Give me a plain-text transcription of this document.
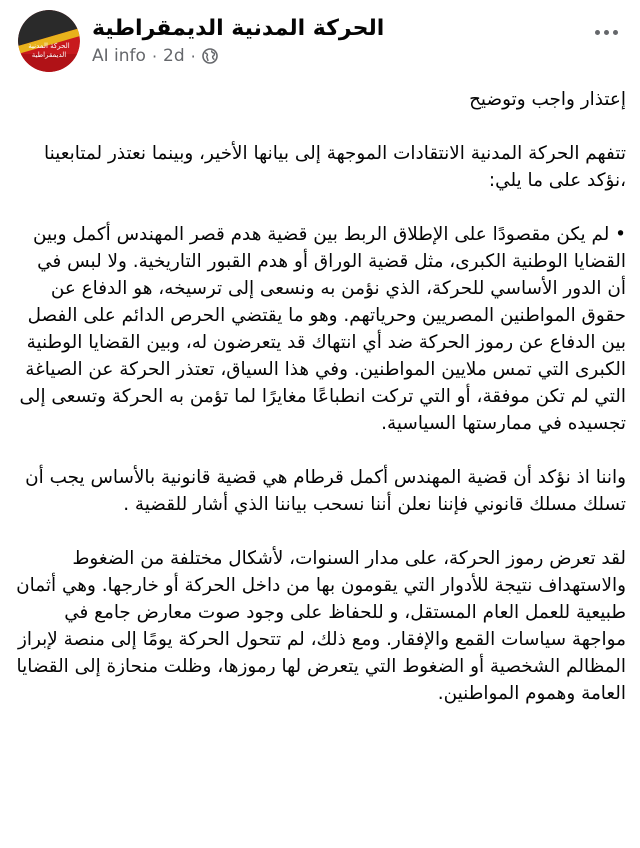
الحركة المدنية
الديمقراطية
الحركة المدنية الديمقراطية
AI info · 2d ·

إعتذار واجب وتوضيح

تتفهم الحركة المدنية الانتقادات الموجهة إلى بيانها الأخير، وبينما نعتذر لمتابعينا ،نؤكد على ما يلي:

• لم يكن مقصودًا على الإطلاق الربط بين قضية هدم قصر المهندس أكمل وبين القضايا الوطنية الكبرى، مثل قضية الوراق أو هدم القبور التاريخية. ولا لبس في أن الدور الأساسي للحركة، الذي نؤمن به ونسعى إلى ترسيخه، هو الدفاع عن حقوق المواطنين المصريين وحرياتهم. وهو ما يقتضي الحرص الدائم على الفصل بين الدفاع عن رموز الحركة ضد أي انتهاك قد يتعرضون له، وبين القضايا الوطنية الكبرى التي تمس ملايين المواطنين. وفي هذا السياق، تعتذر الحركة عن الصياغة التي لم تكن موفقة، أو التي تركت انطباعًا مغايرًا لما تؤمن به الحركة وتسعى إلى تجسيده في ممارستها السياسية.

واننا اذ نؤكد أن قضية المهندس أكمل قرطام هي قضية قانونية بالأساس يجب أن تسلك مسلك قانوني فإننا نعلن أننا نسحب بياننا الذي أشار للقضية .

لقد تعرض رموز الحركة، على مدار السنوات، لأشكال مختلفة من الضغوط والاستهداف نتيجة للأدوار التي يقومون بها من داخل الحركة أو خارجها. وهي أثمان طبيعية للعمل العام المستقل، و للحفاظ على وجود صوت معارض جامع في مواجهة سياسات القمع والإفقار. ومع ذلك، لم تتحول الحركة يومًا إلى منصة لإبراز المظالم الشخصية أو الضغوط التي يتعرض لها رموزها، وظلت منحازة إلى القضايا العامة وهموم المواطنين.
